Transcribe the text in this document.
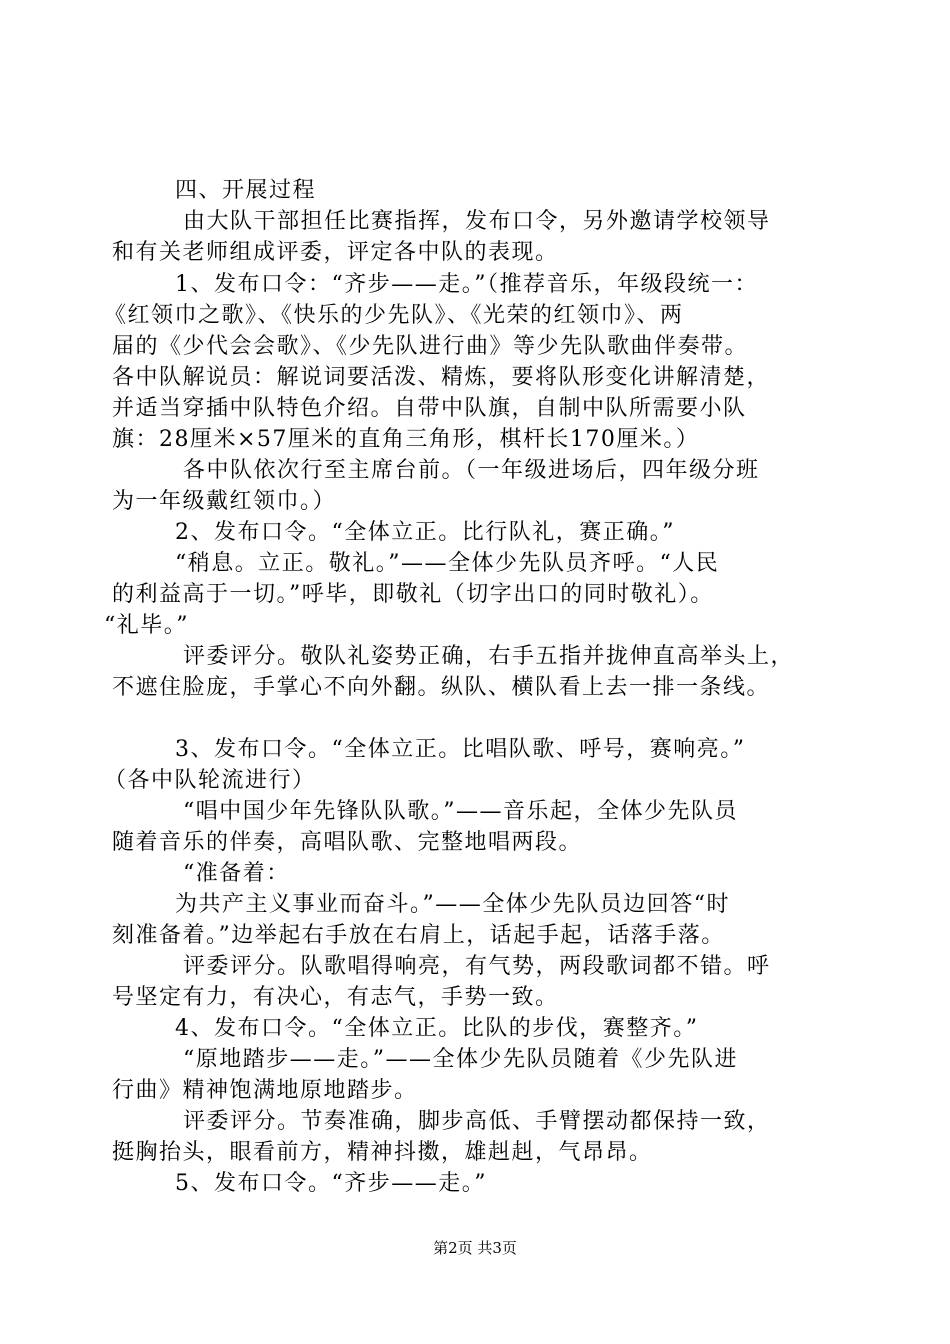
四、开展过程
由大队干部担任比赛指挥，发布口令，另外邀请学校领导
和有关老师组成评委，评定各中队的表现。
1、发布口令：“齐步——走。”（推荐音乐，年级段统一：
《红领巾之歌》、《快乐的少先队》、《光荣的红领巾》、两
届的《少代会会歌》、《少先队进行曲》等少先队歌曲伴奏带。
各中队解说员：解说词要活泼、精炼，要将队形变化讲解清楚，
并适当穿插中队特色介绍。自带中队旗，自制中队所需要小队
旗：28厘米×57厘米的直角三角形，棋杆长170厘米。）
各中队依次行至主席台前。（一年级进场后，四年级分班
为一年级戴红领巾。）
2、发布口令。“全体立正。比行队礼，赛正确。”
“稍息。立正。敬礼。”——全体少先队员齐呼。“人民
的利益高于一切。”呼毕，即敬礼（切字出口的同时敬礼）。
“礼毕。”
评委评分。敬队礼姿势正确，右手五指并拢伸直高举头上，
不遮住脸庞，手掌心不向外翻。纵队、横队看上去一排一条线。
3、发布口令。“全体立正。比唱队歌、呼号，赛响亮。”
（各中队轮流进行）
“唱中国少年先锋队队歌。”——音乐起，全体少先队员
随着音乐的伴奏，高唱队歌、完整地唱两段。
“准备着：
为共产主义事业而奋斗。”——全体少先队员边回答“时
刻准备着。”边举起右手放在右肩上，话起手起，话落手落。
评委评分。队歌唱得响亮，有气势，两段歌词都不错。呼
号坚定有力，有决心，有志气，手势一致。
4、发布口令。“全体立正。比队的步伐，赛整齐。”
“原地踏步——走。”——全体少先队员随着《少先队进
行曲》精神饱满地原地踏步。
评委评分。节奏准确，脚步高低、手臂摆动都保持一致，
挺胸抬头，眼看前方，精神抖擞，雄赳赳，气昂昂。
5、发布口令。“齐步——走。”
第2页 共3页
